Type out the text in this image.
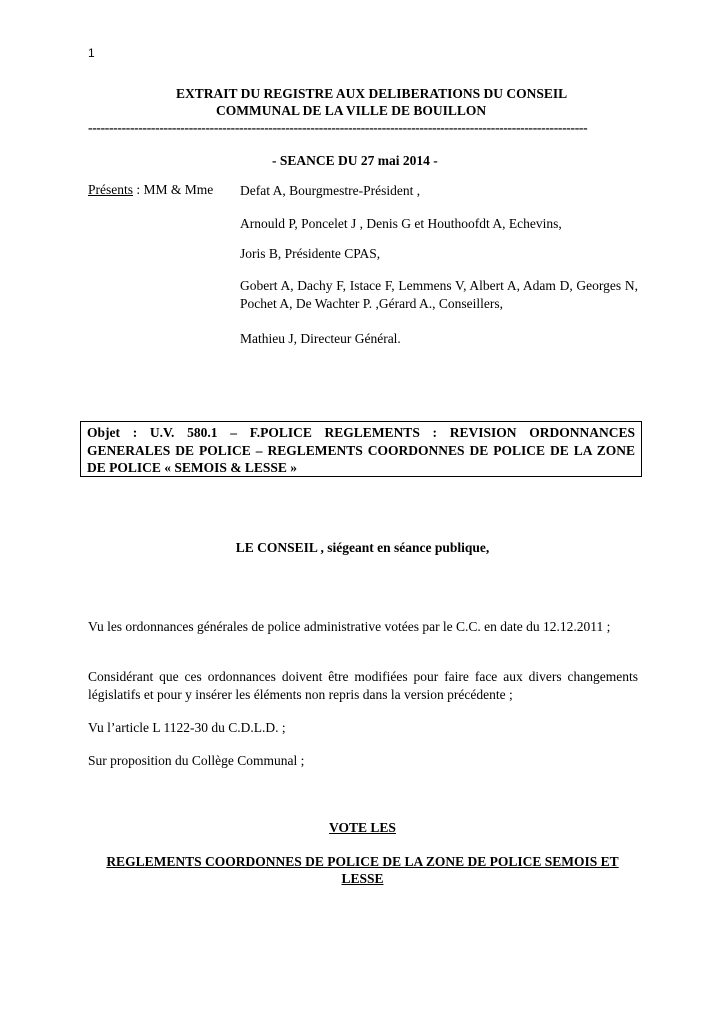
1
EXTRAIT DU REGISTRE AUX DELIBERATIONS DU CONSEIL
COMMUNAL DE LA VILLE DE BOUILLON
-----------------------------------------------------------------------------------------------------------------------
- SEANCE DU 27 mai 2014 -
Présents : MM & Mme Defat A, Bourgmestre-Président ,
Arnould P, Poncelet J , Denis G et Houthoofdt A, Echevins,
Joris B, Présidente CPAS,
Gobert A, Dachy F, Istace F, Lemmens V, Albert A, Adam D, Georges N, Pochet A, De Wachter P. ,Gérard A., Conseillers,
Mathieu J, Directeur Général.
Objet : U.V. 580.1 – F.POLICE REGLEMENTS : REVISION ORDONNANCES GENERALES DE POLICE – REGLEMENTS COORDONNES DE POLICE DE LA ZONE DE POLICE « SEMOIS & LESSE »
LE CONSEIL , siégeant en séance publique,
Vu les ordonnances générales de police administrative votées par le C.C. en date du 12.12.2011 ;
Considérant que ces ordonnances doivent être modifiées pour faire face aux divers changements législatifs et pour y insérer les éléments non repris dans la version précédente ;
Vu l’article L 1122-30 du C.D.L.D. ;
Sur proposition du Collège Communal ;
VOTE LES
REGLEMENTS COORDONNES DE POLICE DE LA ZONE DE POLICE SEMOIS ET LESSE
